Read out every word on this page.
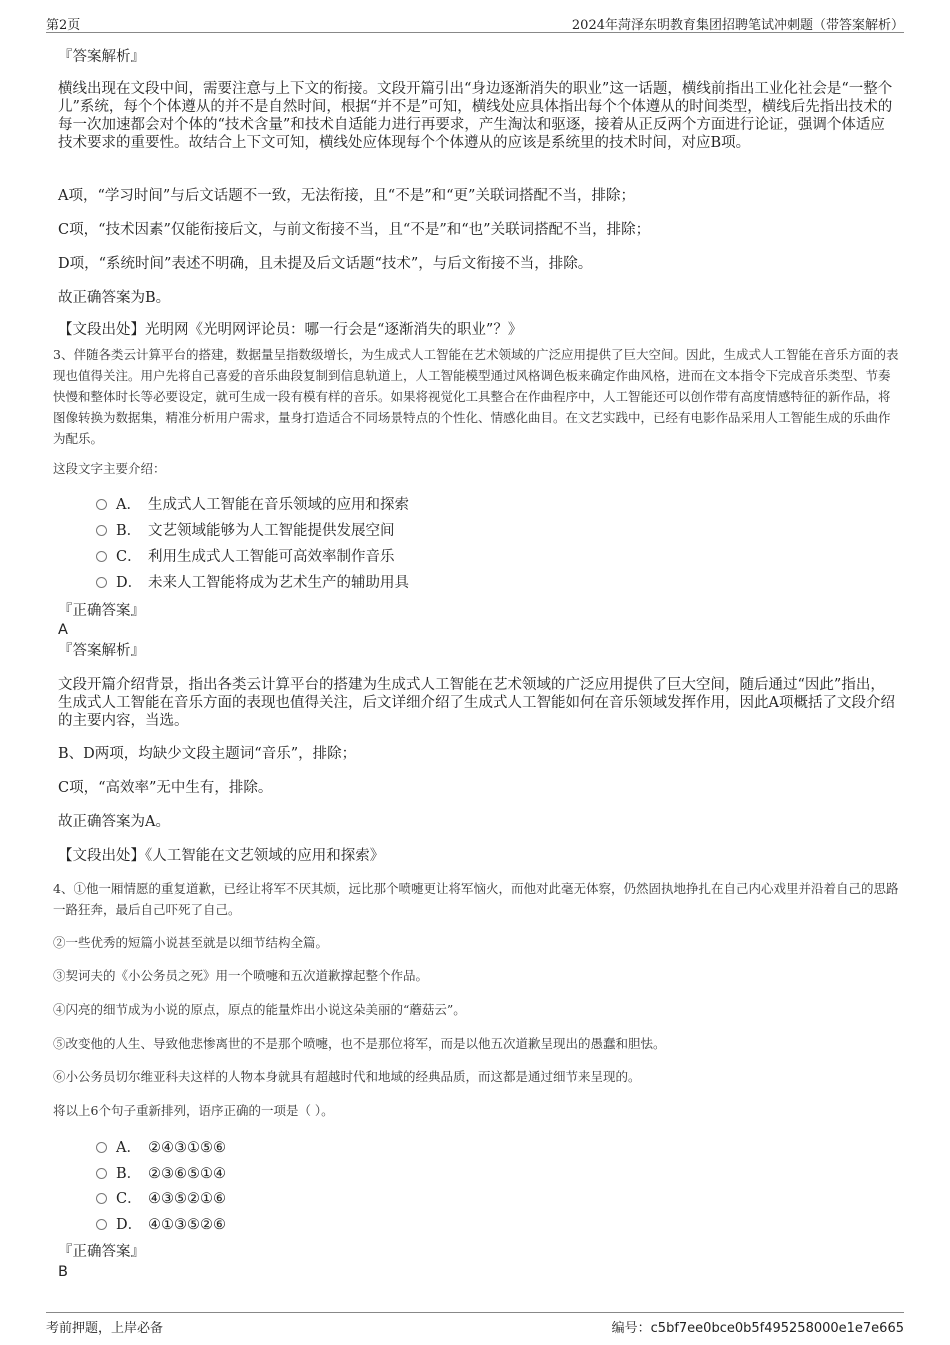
第2页	2024年菏泽东明教育集团招聘笔试冲刺题（带答案解析）
『答案解析』
横线出现在文段中间，需要注意与上下文的衔接。文段开篇引出“身边逐渐消失的职业”这一话题，横线前指出工业化社会是“一整个儿”系统，每个个体遵从的并不是自然时间，根据“并不是”可知，横线处应具体指出每个个体遵从的时间类型，横线后先指出技术的每一次加速都会对个体的“技术含量”和技术自适能力进行再要求，产生淘汰和驱逐，接着从正反两个方面进行论证，强调个体适应技术要求的重要性。故结合上下文可知，横线处应体现每个个体遵从的应该是系统里的技术时间，对应B项。
A项，“学习时间”与后文话题不一致，无法衔接，且“不是”和“更”关联词搭配不当，排除；
C项，“技术因素”仅能衔接后文，与前文衔接不当，且“不是”和“也”关联词搭配不当，排除；
D项，“系统时间”表述不明确，且未提及后文话题“技术”，与后文衔接不当，排除。
故正确答案为B。
【文段出处】光明网《光明网评论员：哪一行会是“逐渐消失的职业”？》
3、伴随各类云计算平台的搭建，数据量呈指数级增长，为生成式人工智能在艺术领域的广泛应用提供了巨大空间。因此，生成式人工智能在音乐方面的表现也值得关注。用户先将自己喜爱的音乐曲段复制到信息轨道上，人工智能模型通过风格调色板来确定作曲风格，进而在文本指令下完成音乐类型、节奏快慢和整体时长等必要设定，就可生成一段有模有样的音乐。如果将视觉化工具整合在作曲程序中，人工智能还可以创作带有高度情感特征的新作品，将图像转换为数据集，精准分析用户需求，量身打造适合不同场景特点的个性化、情感化曲目。在文艺实践中，已经有电影作品采用人工智能生成的乐曲作为配乐。
这段文字主要介绍：
A． 生成式人工智能在音乐领域的应用和探索
B． 文艺领域能够为人工智能提供发展空间
C． 利用生成式人工智能可高效率制作音乐
D． 未来人工智能将成为艺术生产的辅助用具
『正确答案』
A
『答案解析』
文段开篇介绍背景，指出各类云计算平台的搭建为生成式人工智能在艺术领域的广泛应用提供了巨大空间，随后通过“因此”指出，生成式人工智能在音乐方面的表现也值得关注，后文详细介绍了生成式人工智能如何在音乐领域发挥作用，因此A项概括了文段介绍的主要内容，当选。
B、D两项，均缺少文段主题词“音乐”，排除；
C项，“高效率”无中生有，排除。
故正确答案为A。
【文段出处】《人工智能在文艺领域的应用和探索》
4、①他一厢情愿的重复道歉，已经让将军不厌其烦，远比那个喷嚏更让将军恼火，而他对此毫无体察，仍然固执地挣扎在自己内心戏里并沿着自己的思路一路狂奔，最后自己吓死了自己。
②一些优秀的短篇小说甚至就是以细节结构全篇。
③契诃夫的《小公务员之死》用一个喷嚏和五次道歉撑起整个作品。
④闪亮的细节成为小说的原点，原点的能量炸出小说这朵美丽的“蘑菇云”。
⑤改变他的人生、导致他悲惨离世的不是那个喷嚏，也不是那位将军，而是以他五次道歉呈现出的愚蠢和胆怯。
⑥小公务员切尔维亚科夫这样的人物本身就具有超越时代和地域的经典品质，而这都是通过细节来呈现的。
将以上6个句子重新排列，语序正确的一项是（ ）。
A． ②④③①⑤⑥
B． ②③⑥⑤①④
C． ④③⑤②①⑥
D． ④①③⑤②⑥
『正确答案』
B
考前押题，上岸必备	编号：c5bf7ee0bce0b5f495258000e1e7e665
